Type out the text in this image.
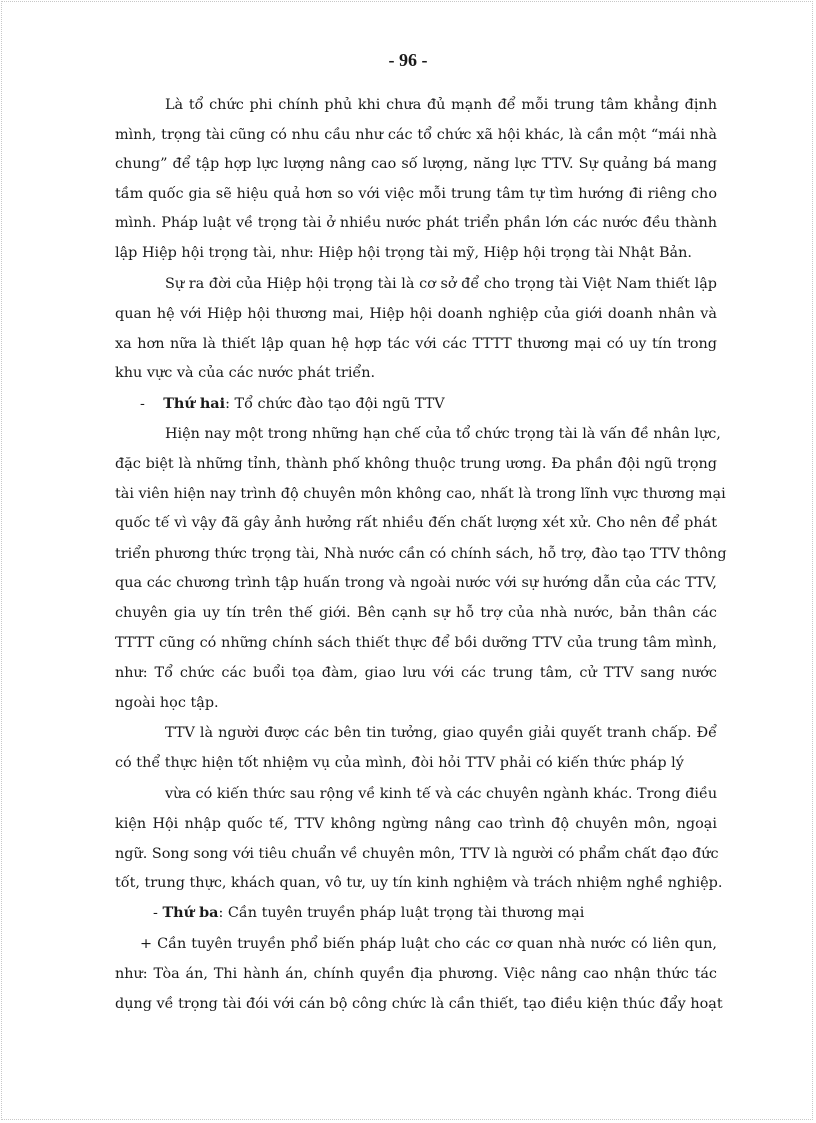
- 96 -
Là tổ chức phi chính phủ khi chưa đủ mạnh để mỗi trung tâm khẳng định
mình, trọng tài cũng có nhu cầu như các tổ chức xã hội khác, là cần một “mái nhà
chung” để tập hợp lực lượng nâng cao số lượng, năng lực TTV. Sự quảng bá mang
tầm quốc gia sẽ hiệu quả hơn so với việc mỗi trung tâm tự tìm hướng đi riêng cho
mình. Pháp luật về trọng tài ở nhiều nước phát triển phần lớn các nước đều thành
lập Hiệp hội trọng tài, như: Hiệp hội trọng tài mỹ, Hiệp hội trọng tài Nhật Bản.
Sự ra đời của Hiệp hội trọng tài là cơ sở để cho trọng tài Việt Nam thiết lập
quan hệ với Hiệp hội thương mai, Hiệp hội doanh nghiệp của giới doanh nhân và
xa hơn nữa là thiết lập quan hệ hợp tác với các TTTT thương mại có uy tín trong
khu vực và của các nước phát triển.
- Thứ hai: Tổ chức đào tạo đội ngũ TTV
Hiện nay một trong những hạn chế của tổ chức trọng tài là vấn đề nhân lực,
đặc biệt là những tỉnh, thành phố không thuộc trung ương. Đa phần đội ngũ trọng
tài viên hiện nay trình độ chuyên môn không cao, nhất là trong lĩnh vực thương mại
quốc tế vì vậy đã gây ảnh hưởng rất nhiều đến chất lượng xét xử. Cho nên để phát
triển phương thức trọng tài, Nhà nước cần có chính sách, hỗ trợ, đào tạo TTV thông
qua các chương trình tập huấn trong và ngoài nước với sự hướng dẫn của các TTV,
chuyên gia uy tín trên thế giới. Bên cạnh sự hỗ trợ của nhà nước, bản thân các
TTTT cũng có những chính sách thiết thực để bồi dưỡng TTV của trung tâm mình,
như: Tổ chức các buổi tọa đàm, giao lưu với các trung tâm, cử TTV sang nước
ngoài học tập.
TTV là người được các bên tin tưởng, giao quyền giải quyết tranh chấp. Để
có thể thực hiện tốt nhiệm vụ của mình, đòi hỏi TTV phải có kiến thức pháp lý
vừa có kiến thức sau rộng về kinh tế và các chuyên ngành khác. Trong điều
kiện Hội nhập quốc tế, TTV không ngừng nâng cao trình độ chuyên môn, ngoại
ngữ. Song song với tiêu chuẩn về chuyên môn, TTV là người có phẩm chất đạo đức
tốt, trung thực, khách quan, vô tư, uy tín kinh nghiệm và trách nhiệm nghề nghiệp.
- Thứ ba: Cần tuyên truyền pháp luật trọng tài thương mại
+ Cần tuyên truyền phổ biến pháp luật cho các cơ quan nhà nước có liên qun,
như: Tòa án, Thi hành án, chính quyền địa phương. Việc nâng cao nhận thức tác
dụng về trọng tài đói với cán bộ công chức là cần thiết, tạo điều kiện thúc đẩy hoạt
